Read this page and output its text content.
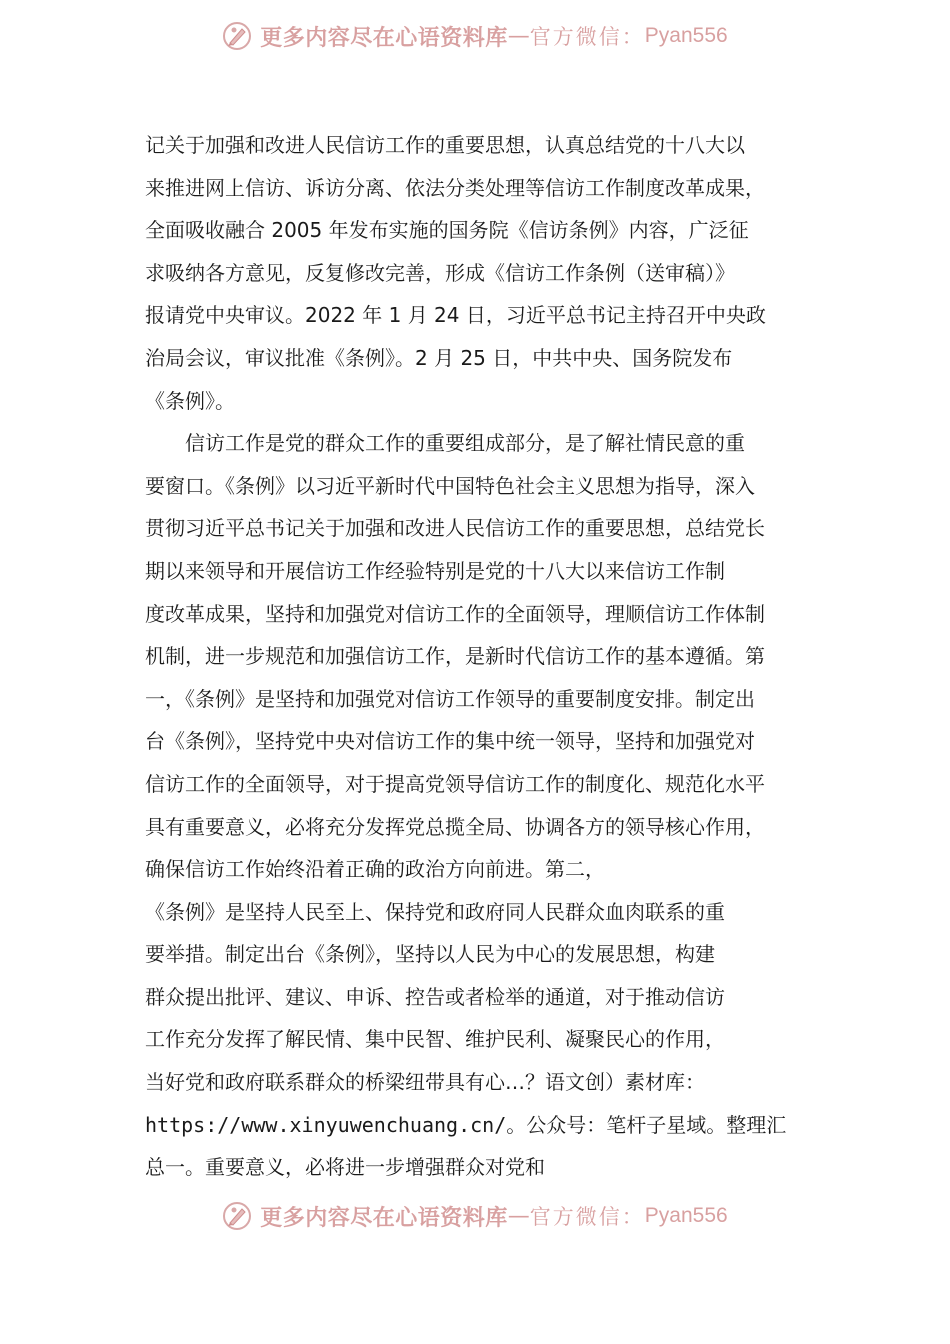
更多内容尽在心语资料库 — 官方微信： Pyan556
记关于加强和改进人民信访工作的重要思想，认真总结党的十八大以
来推进网上信访、诉访分离、依法分类处理等信访工作制度改革成果，
全面吸收融合 2005 年发布实施的国务院《信访条例》内容，广泛征
求吸纳各方意见，反复修改完善，形成《信访工作条例（送审稿）》
报请党中央审议。2022 年 1 月 24 日，习近平总书记主持召开中央政
治局会议，审议批准《条例》。2 月 25 日，中共中央、国务院发布
《条例》。
信访工作是党的群众工作的重要组成部分，是了解社情民意的重
要窗口。《条例》以习近平新时代中国特色社会主义思想为指导，深入
贯彻习近平总书记关于加强和改进人民信访工作的重要思想，总结党长
期以来领导和开展信访工作经验特别是党的十八大以来信访工作制
度改革成果，坚持和加强党对信访工作的全面领导，理顺信访工作体制
机制，进一步规范和加强信访工作，是新时代信访工作的基本遵循。第
一，《条例》是坚持和加强党对信访工作领导的重要制度安排。制定出
台《条例》，坚持党中央对信访工作的集中统一领导，坚持和加强党对
信访工作的全面领导，对于提高党领导信访工作的制度化、规范化水平
具有重要意义，必将充分发挥党总揽全局、协调各方的领导核心作用，
确保信访工作始终沿着正确的政治方向前进。第二，
《条例》是坚持人民至上、保持党和政府同人民群众血肉联系的重
要举措。制定出台《条例》，坚持以人民为中心的发展思想，构建
群众提出批评、建议、申诉、控告或者检举的通道，对于推动信访
工作充分发挥了解民情、集中民智、维护民利、凝聚民心的作用，
当好党和政府联系群众的桥梁纽带具有心…？语文创）素材库：
https://www.xinyuwenchuang.cn/。公众号：笔杆子星域。整理汇
总一。重要意义，必将进一步增强群众对党和
更多内容尽在心语资料库 — 官方微信： Pyan556
